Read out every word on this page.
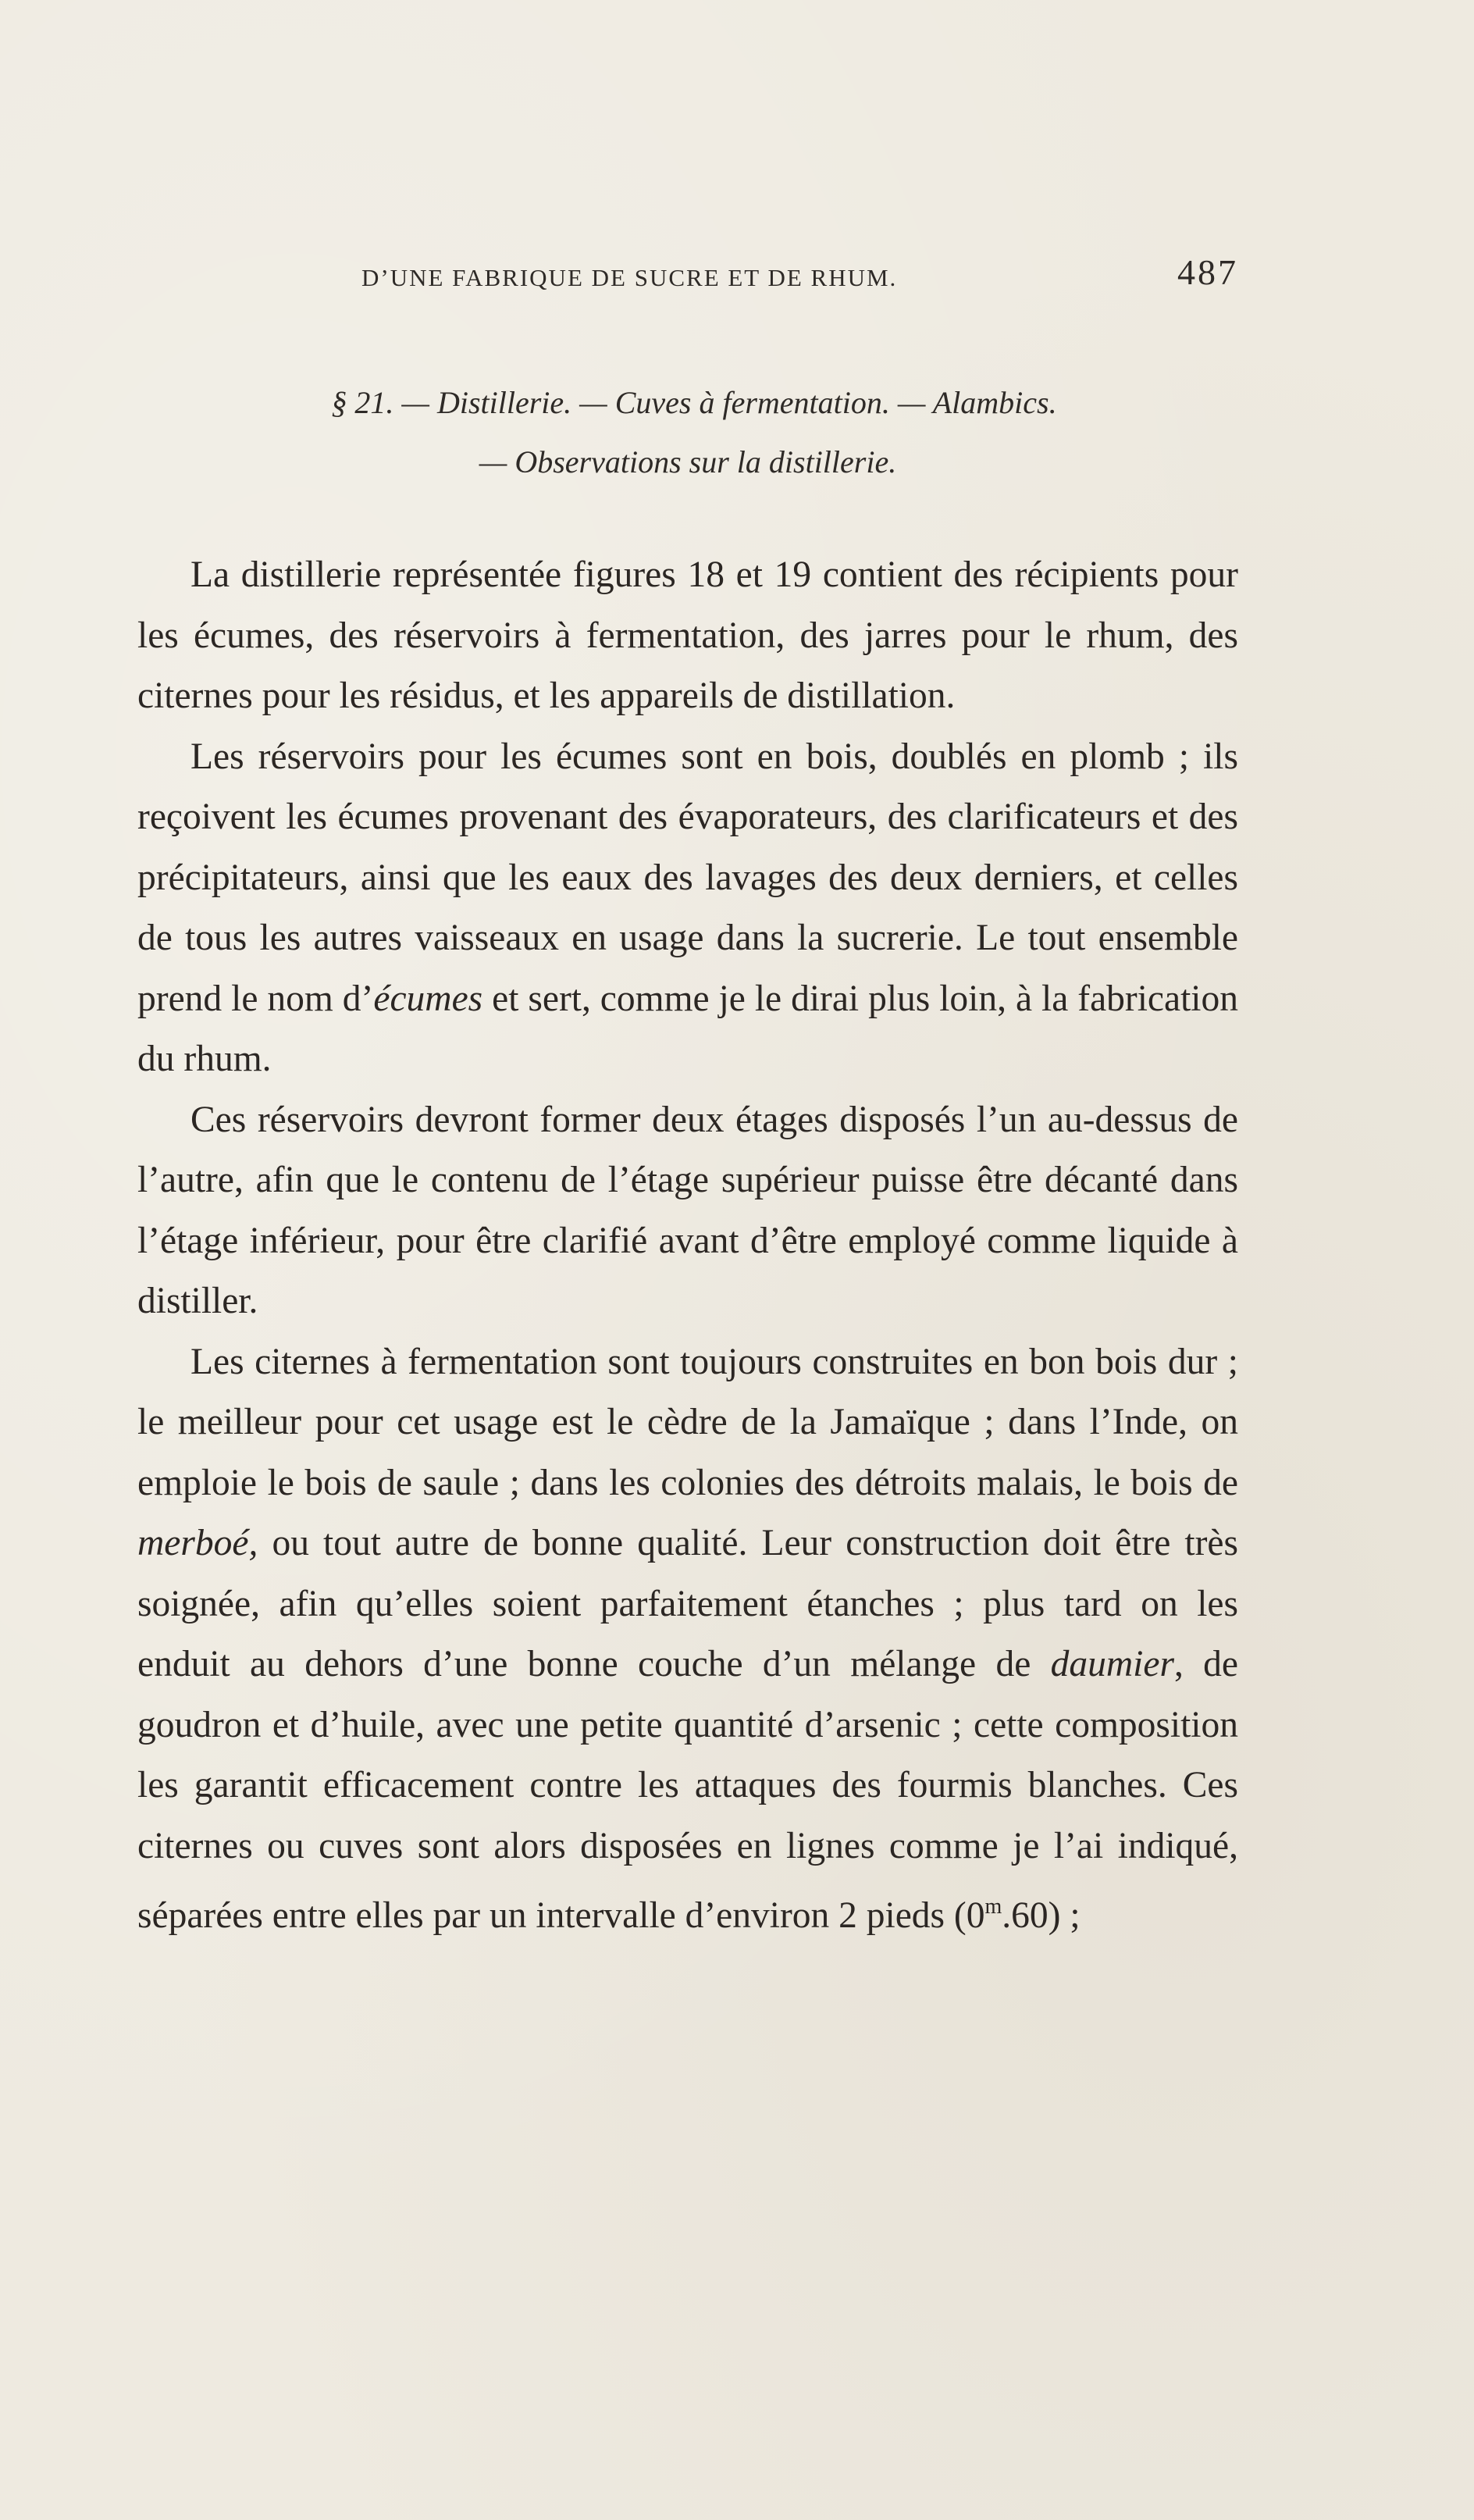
D’UNE FABRIQUE DE SUCRE ET DE RHUM.	487
§ 21. — Distillerie. — Cuves à fermentation. — Alambics.
— Observations sur la distillerie.

La distillerie représentée figures 18 et 19 contient des récipients pour les écumes, des réservoirs à fermentation, des jarres pour le rhum, des citernes pour les résidus, et les appareils de distillation.

Les réservoirs pour les écumes sont en bois, doublés en plomb ; ils reçoivent les écumes provenant des évaporateurs, des clarificateurs et des précipitateurs, ainsi que les eaux des lavages des deux derniers, et celles de tous les autres vaisseaux en usage dans la sucrerie. Le tout ensemble prend le nom d’écumes et sert, comme je le dirai plus loin, à la fabrication du rhum.

Ces réservoirs devront former deux étages disposés l’un au-dessus de l’autre, afin que le contenu de l’étage supérieur puisse être décanté dans l’étage inférieur, pour être clarifié avant d’être employé comme liquide à distiller.

Les citernes à fermentation sont toujours construites en bon bois dur ; le meilleur pour cet usage est le cèdre de la Jamaïque ; dans l’Inde, on emploie le bois de saule ; dans les colonies des détroits malais, le bois de merboé, ou tout autre de bonne qualité. Leur construction doit être très soignée, afin qu’elles soient parfaitement étanches ; plus tard on les enduit au dehors d’une bonne couche d’un mélange de daumier, de goudron et d’huile, avec une petite quantité d’arsenic ; cette composition les garantit efficacement contre les attaques des fourmis blanches. Ces citernes ou cuves sont alors disposées en lignes comme je l’ai indiqué, séparées entre elles par un intervalle d’environ 2 pieds (0$^m$.60) ;
